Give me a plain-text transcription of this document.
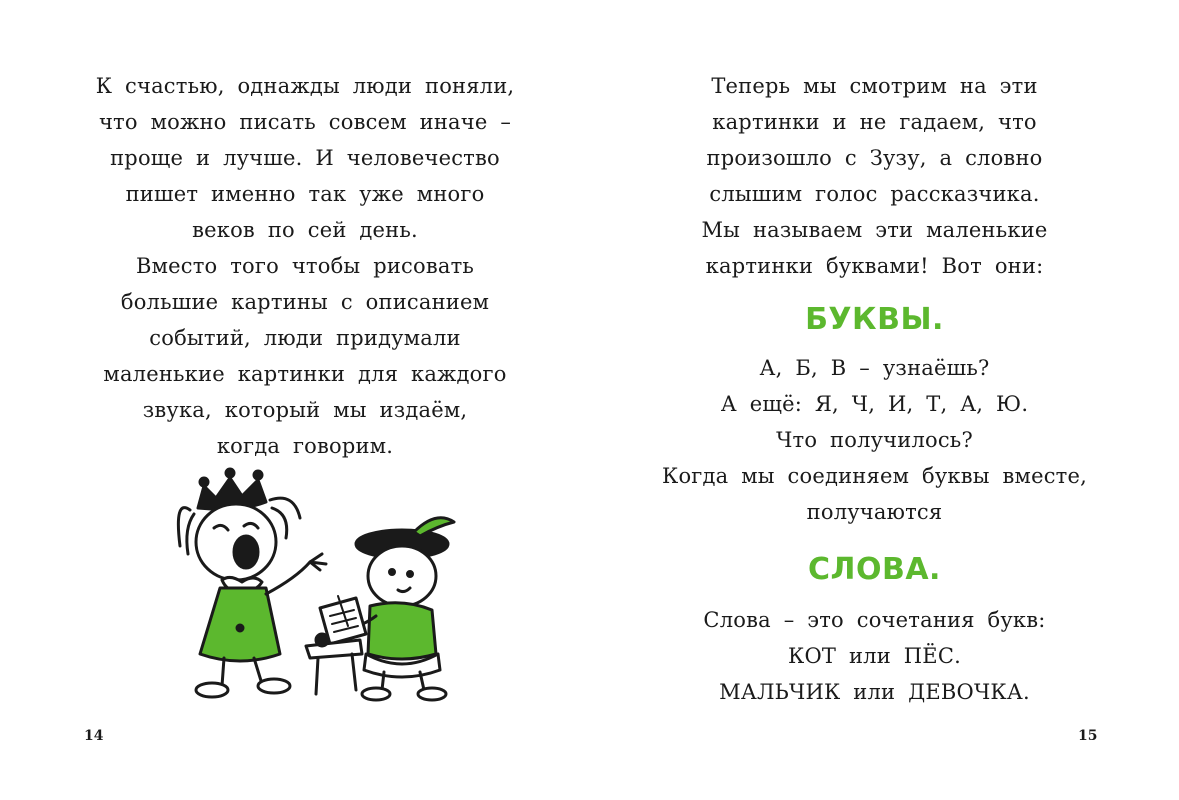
К счастью, однажды люди поняли,
что можно писать совсем иначе –
проще и лучше. И человечество
пишет именно так уже много
веков по сей день.
Вместо того чтобы рисовать
большие картины с описанием
событий, люди придумали
маленькие картинки для каждого
звука, который мы издаём,
когда говорим.
14
Теперь мы смотрим на эти
картинки и не гадаем, что
произошло с Зузу, а словно
слышим голос рассказчика.
Мы называем эти маленькие
картинки буквами! Вот они:
БУКВЫ.
А, Б, В – узнаёшь?
А ещё: Я, Ч, И, Т, А, Ю.
Что получилось?
Когда мы соединяем буквы вместе,
получаются
СЛОВА.
Слова – это сочетания букв:
КОТ или ПЁС.
МАЛЬЧИК или ДЕВОЧКА.
15
